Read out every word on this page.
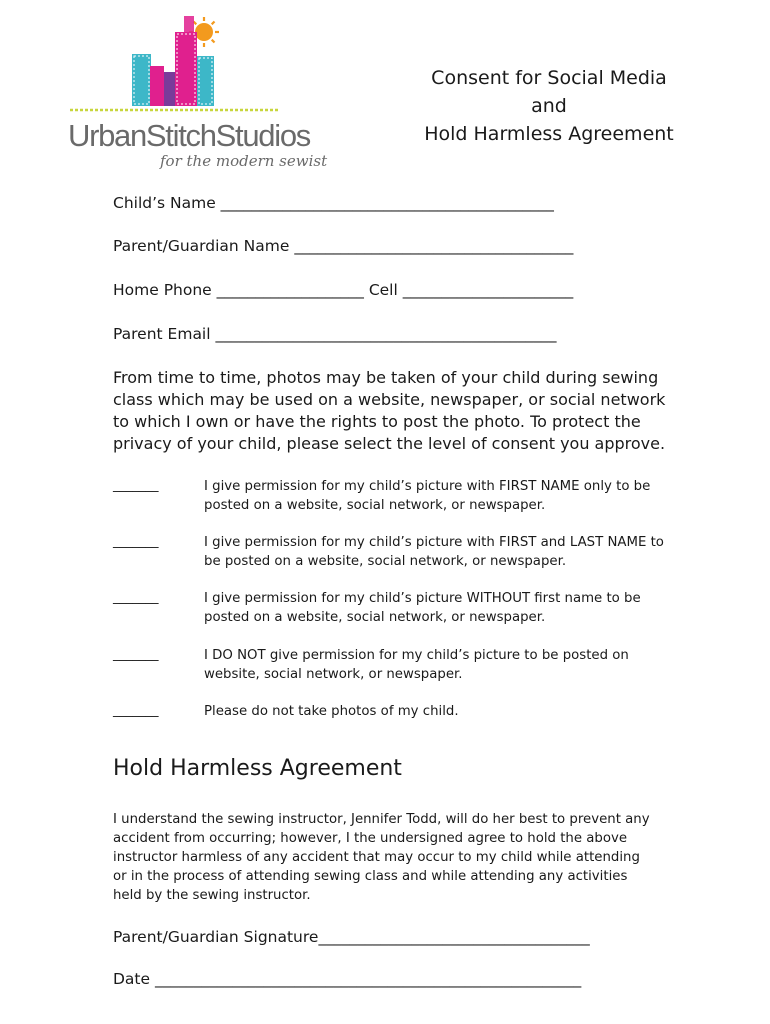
UrbanStitchStudios
for the modern sewist
Consent for Social Media
and
Hold Harmless Agreement
Child’s Name ___________________________________________
Parent/Guardian Name ____________________________________
Home Phone ___________________ Cell ______________________
Parent Email ____________________________________________
From time to time, photos may be taken of your child during sewing class which may be used on a website, newspaper, or social network to which I own or have the rights to post the photo. To protect the privacy of your child, please select the level of consent you approve.
_______	I give permission for my child’s picture with FIRST NAME only to be posted on a website, social network, or newspaper.
_______	I give permission for my child’s picture with FIRST and LAST NAME to be posted on a website, social network, or newspaper.
_______	I give permission for my child’s picture WITHOUT first name to be posted on a website, social network, or newspaper.
_______	I DO NOT give permission for my child’s picture to be posted on website, social network, or newspaper.
_______	Please do not take photos of my child.
Hold Harmless Agreement
I understand the sewing instructor, Jennifer Todd, will do her best to prevent any accident from occurring; however, I the undersigned agree to hold the above instructor harmless of any accident that may occur to my child while attending or in the process of attending sewing class and while attending any activities held by the sewing instructor.
Parent/Guardian Signature___________________________________
Date _______________________________________________________
